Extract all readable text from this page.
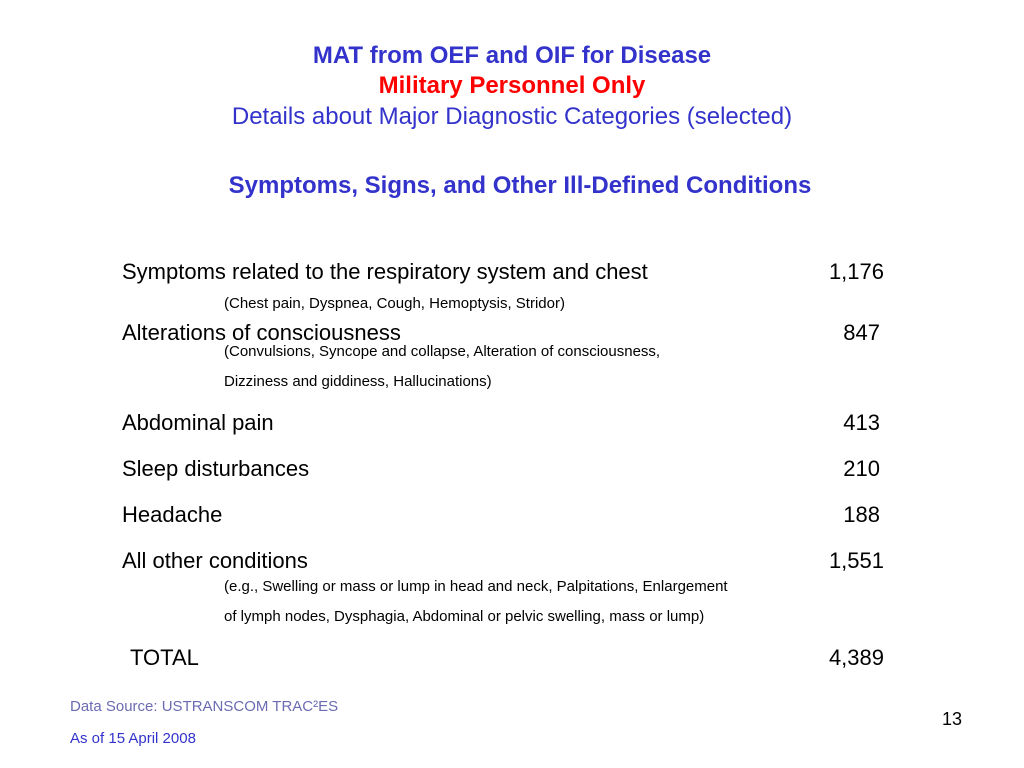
MAT from OEF and OIF for Disease
Military Personnel Only
Details about Major Diagnostic Categories (selected)
Symptoms, Signs, and Other Ill-Defined Conditions
Symptoms related to the respiratory system and chest	1,176
(Chest pain, Dyspnea, Cough, Hemoptysis, Stridor)
Alterations of consciousness	847
(Convulsions, Syncope and collapse, Alteration of consciousness,
Dizziness and giddiness, Hallucinations)
Abdominal pain	413
Sleep disturbances	210
Headache	188
All other conditions	1,551
(e.g., Swelling or mass or lump in head and neck, Palpitations, Enlargement
of lymph nodes, Dysphagia, Abdominal or pelvic swelling, mass or lump)
TOTAL	4,389
Data Source: USTRANSCOM TRAC²ES
As of 15 April 2008
13
